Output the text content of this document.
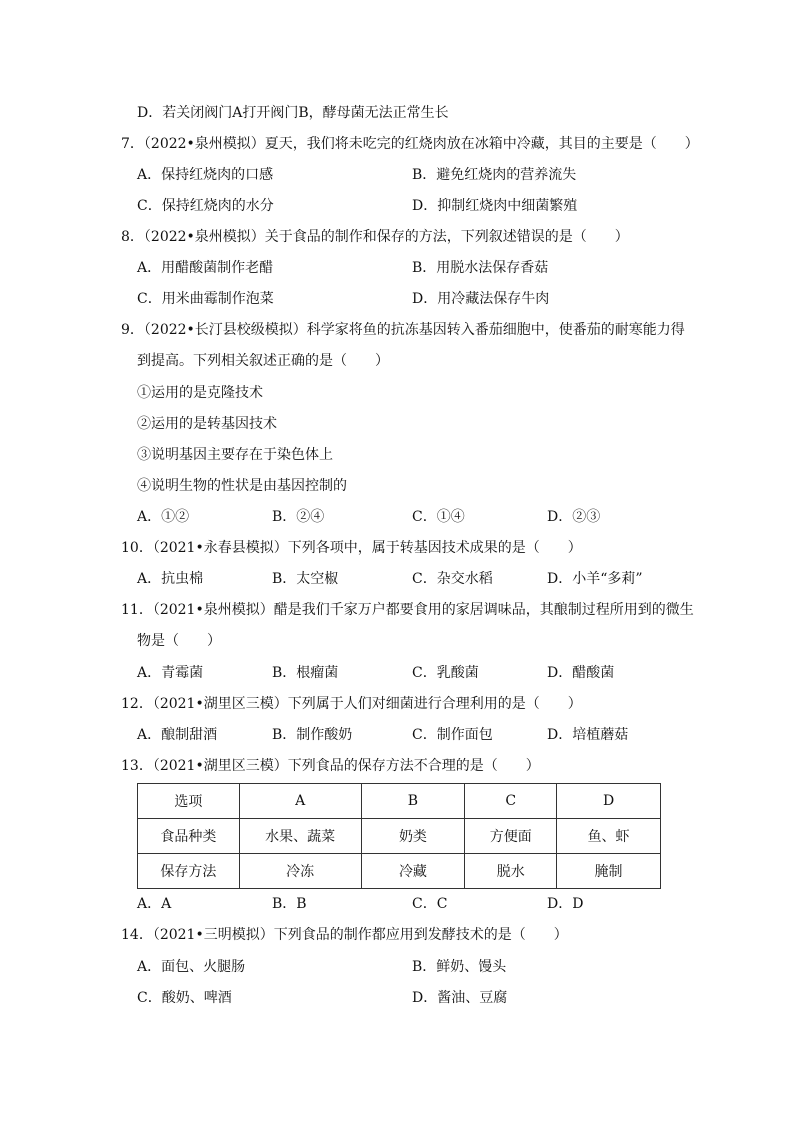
D．若关闭阀门A打开阀门B，酵母菌无法正常生长
7．（2022•泉州模拟）夏天，我们将未吃完的红烧肉放在冰箱中冷藏，其目的主要是（　　）
A．保持红烧肉的口感	B．避免红烧肉的营养流失
C．保持红烧肉的水分	D．抑制红烧肉中细菌繁殖
8．（2022•泉州模拟）关于食品的制作和保存的方法，下列叙述错误的是（　　）
A．用醋酸菌制作老醋	B．用脱水法保存香菇
C．用米曲霉制作泡菜	D．用冷藏法保存牛肉
9．（2022•长汀县校级模拟）科学家将鱼的抗冻基因转入番茄细胞中，使番茄的耐寒能力得
到提高。下列相关叙述正确的是（　　）
①运用的是克隆技术
②运用的是转基因技术
③说明基因主要存在于染色体上
④说明生物的性状是由基因控制的
A．①②	B．②④	C．①④	D．②③
10．（2021•永春县模拟）下列各项中，属于转基因技术成果的是（　　）
A．抗虫棉	B．太空椒	C．杂交水稻	D．小羊“多莉”
11．（2021•泉州模拟）醋是我们千家万户都要食用的家居调味品，其酿制过程所用到的微生
物是（　　）
A．青霉菌	B．根瘤菌	C．乳酸菌	D．醋酸菌
12．（2021•湖里区三模）下列属于人们对细菌进行合理利用的是（　　）
A．酿制甜酒	B．制作酸奶	C．制作面包	D．培植蘑菇
13．（2021•湖里区三模）下列食品的保存方法不合理的是（　　）
选项	A	B	C	D
食品种类	水果、蔬菜	奶类	方便面	鱼、虾
保存方法	冷冻	冷藏	脱水	腌制
A．A	B．B	C．C	D．D
14．（2021•三明模拟）下列食品的制作都应用到发酵技术的是（　　）
A．面包、火腿肠	B．鲜奶、馒头
C．酸奶、啤酒	D．酱油、豆腐
